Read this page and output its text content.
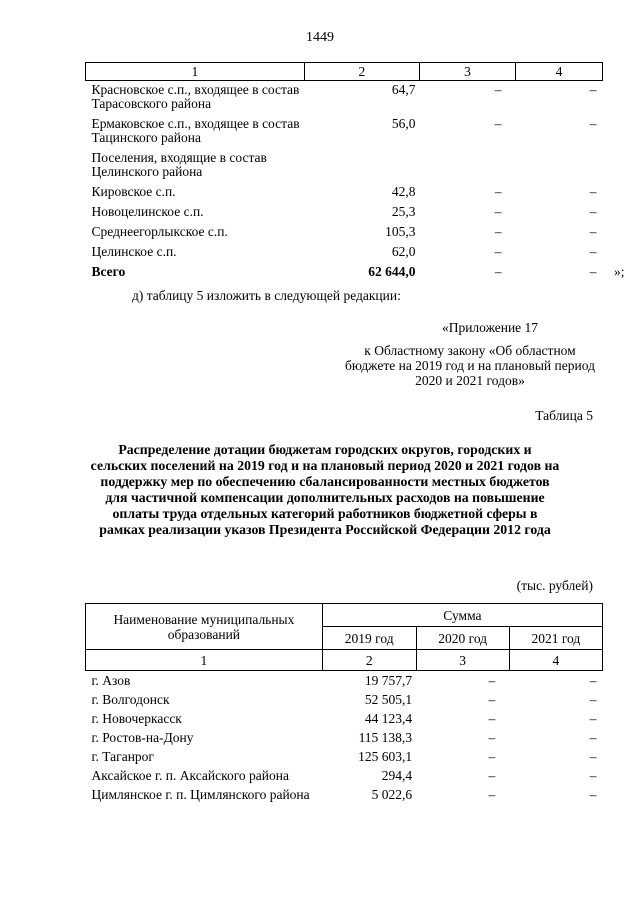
1449
1	2	3	4
Красновское с.п., входящее в состав Тарасовского района	64,7	–	–
Ермаковское с.п., входящее в состав Тацинского района	56,0	–	–
Поселения, входящие в состав Целинского района			
Кировское с.п.	42,8	–	–
Новоцелинское с.п.	25,3	–	–
Среднеегорлыкское с.п.	105,3	–	–
Целинское с.п.	62,0	–	–
Всего	62 644,0	–	– »;
д) таблицу 5 изложить в следующей редакции:
«Приложение 17
к Областному закону «Об областном бюджете на 2019 год и на плановый период 2020 и 2021 годов»
Таблица 5
Распределение дотации бюджетам городских округов, городских и сельских поселений на 2019 год и на плановый период 2020 и 2021 годов на поддержку мер по обеспечению сбалансированности местных бюджетов для частичной компенсации дополнительных расходов на повышение оплаты труда отдельных категорий работников бюджетной сферы в рамках реализации указов Президента Российской Федерации 2012 года
(тыс. рублей)
Наименование муниципальных образований	Сумма		
	2019 год	2020 год	2021 год
1	2	3	4
г. Азов	19 757,7	–	–
г. Волгодонск	52 505,1	–	–
г. Новочеркасск	44 123,4	–	–
г. Ростов-на-Дону	115 138,3	–	–
г. Таганрог	125 603,1	–	–
Аксайское г. п. Аксайского района	294,4	–	–
Цимлянское г. п. Цимлянского района	5 022,6	–	–
